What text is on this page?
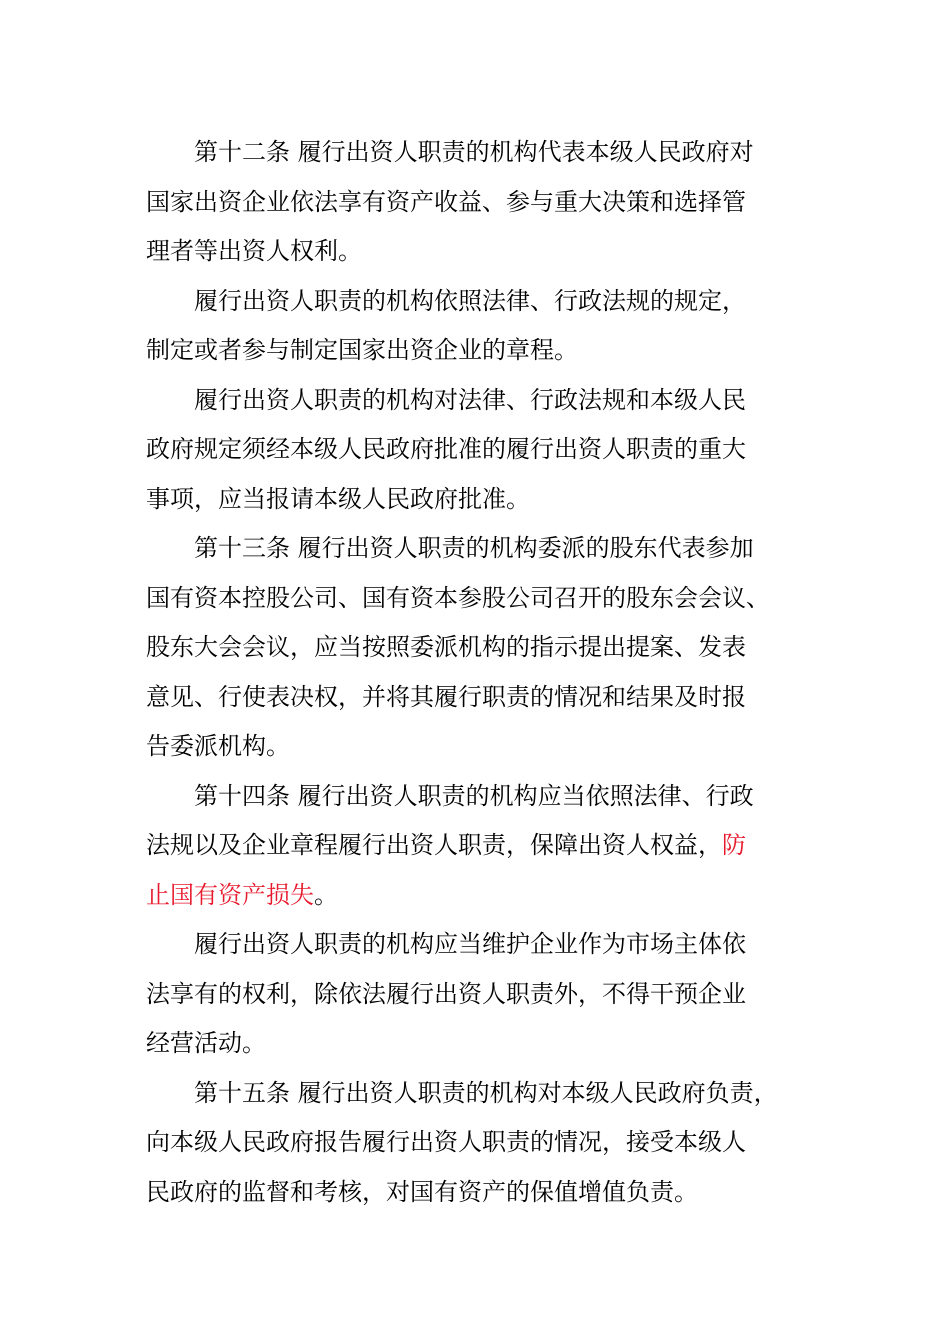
第十二条 履行出资人职责的机构代表本级人民政府对
国家出资企业依法享有资产收益、参与重大决策和选择管
理者等出资人权利。

履行出资人职责的机构依照法律、行政法规的规定，
制定或者参与制定国家出资企业的章程。

履行出资人职责的机构对法律、行政法规和本级人民
政府规定须经本级人民政府批准的履行出资人职责的重大
事项，应当报请本级人民政府批准。

第十三条 履行出资人职责的机构委派的股东代表参加
国有资本控股公司、国有资本参股公司召开的股东会会议、
股东大会会议，应当按照委派机构的指示提出提案、发表
意见、行使表决权，并将其履行职责的情况和结果及时报
告委派机构。

第十四条 履行出资人职责的机构应当依照法律、行政
法规以及企业章程履行出资人职责，保障出资人权益，防
止国有资产损失。

履行出资人职责的机构应当维护企业作为市场主体依
法享有的权利，除依法履行出资人职责外，不得干预企业
经营活动。

第十五条 履行出资人职责的机构对本级人民政府负责，
向本级人民政府报告履行出资人职责的情况，接受本级人
民政府的监督和考核，对国有资产的保值增值负责。
